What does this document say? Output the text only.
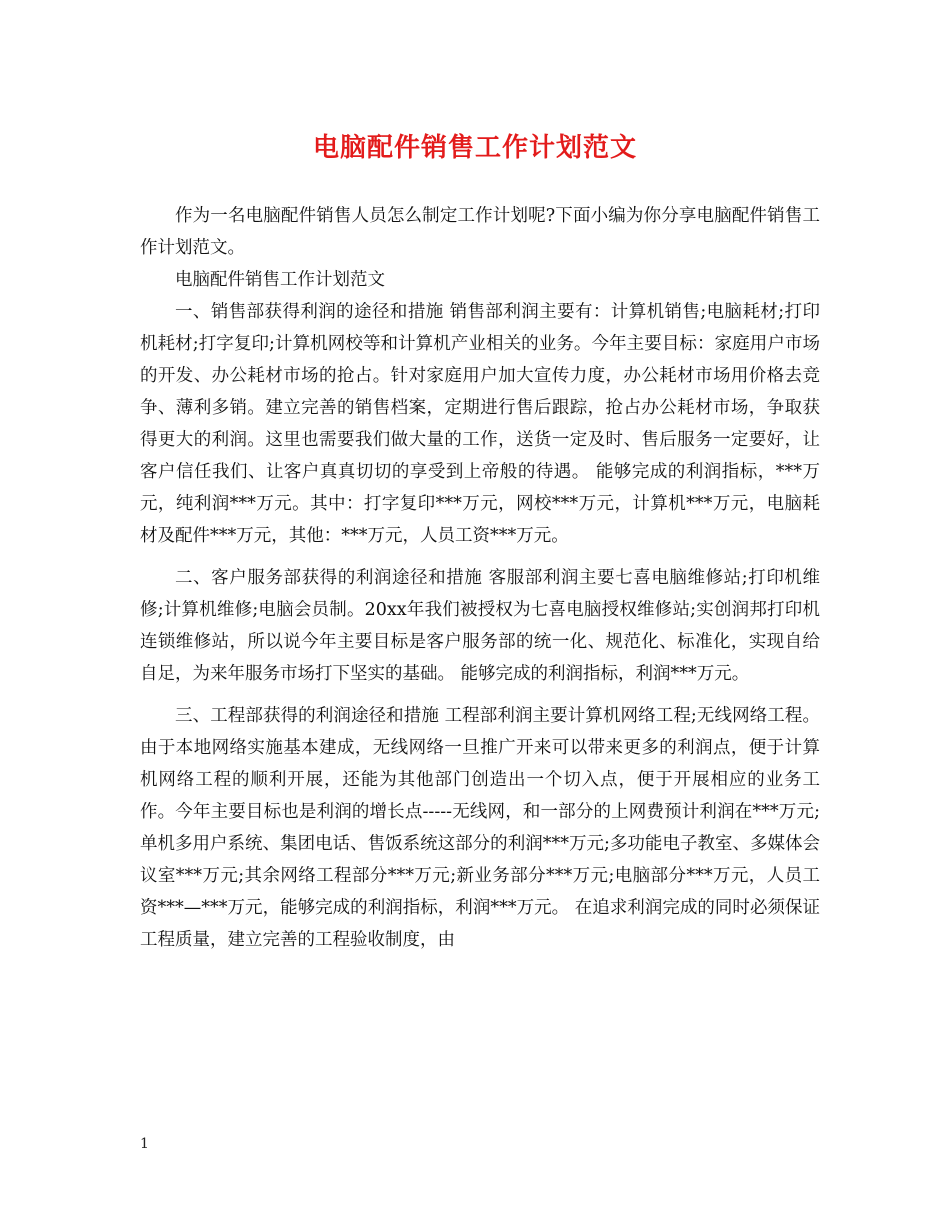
电脑配件销售工作计划范文

作为一名电脑配件销售人员怎么制定工作计划呢?下面小编为你分享电脑配件销售工作计划范文。

电脑配件销售工作计划范文

一、销售部获得利润的途径和措施 销售部利润主要有：计算机销售;电脑耗材;打印机耗材;打字复印;计算机网校等和计算机产业相关的业务。今年主要目标：家庭用户市场的开发、办公耗材市场的抢占。针对家庭用户加大宣传力度，办公耗材市场用价格去竞争、薄利多销。建立完善的销售档案，定期进行售后跟踪，抢占办公耗材市场，争取获得更大的利润。这里也需要我们做大量的工作，送货一定及时、售后服务一定要好，让客户信任我们、让客户真真切切的享受到上帝般的待遇。 能够完成的利润指标，***万元，纯利润***万元。其中：打字复印***万元，网校***万元，计算机***万元，电脑耗材及配件***万元，其他：***万元，人员工资***万元。

二、客户服务部获得的利润途径和措施 客服部利润主要七喜电脑维修站;打印机维修;计算机维修;电脑会员制。20xx年我们被授权为七喜电脑授权维修站;实创润邦打印机连锁维修站，所以说今年主要目标是客户服务部的统一化、规范化、标准化，实现自给自足，为来年服务市场打下坚实的基础。 能够完成的利润指标，利润***万元。

三、工程部获得的利润途径和措施 工程部利润主要计算机网络工程;无线网络工程。由于本地网络实施基本建成，无线网络一旦推广开来可以带来更多的利润点，便于计算机网络工程的顺利开展，还能为其他部门创造出一个切入点，便于开展相应的业务工作。今年主要目标也是利润的增长点-----无线网，和一部分的上网费预计利润在***万元;单机多用户系统、集团电话、售饭系统这部分的利润***万元;多功能电子教室、多媒体会议室***万元;其余网络工程部分***万元;新业务部分***万元;电脑部分***万元，人员工资***—***万元，能够完成的利润指标，利润***万元。 在追求利润完成的同时必须保证工程质量，建立完善的工程验收制度，由

1
